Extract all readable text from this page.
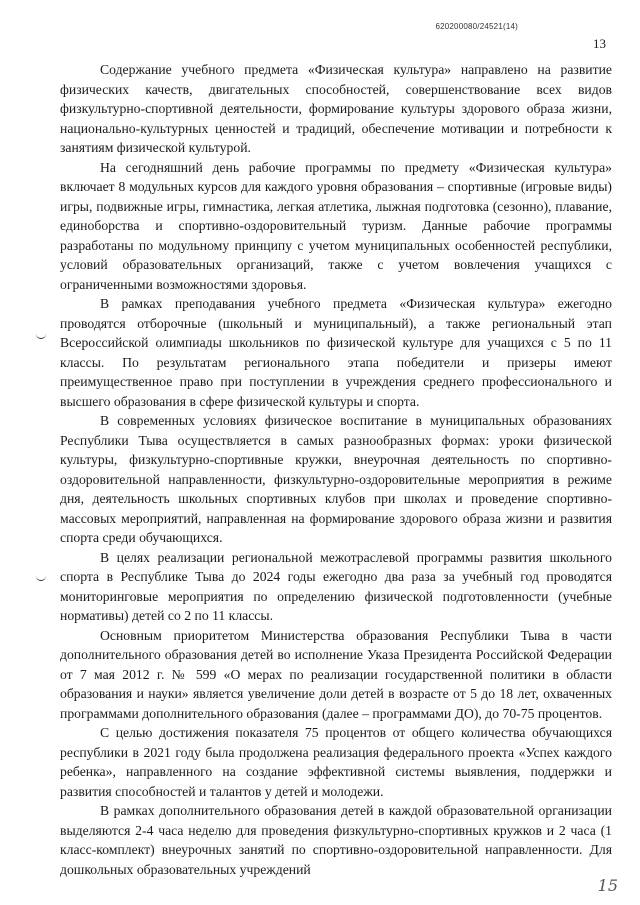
620200080/24521(14)
13

Содержание учебного предмета «Физическая культура» направлено на развитие физических качеств, двигательных способностей, совершенствование всех видов физкультурно-спортивной деятельности, формирование культуры здорового образа жизни, национально-культурных ценностей и традиций, обеспечение мотивации и потребности к занятиям физической культурой.

На сегодняшний день рабочие программы по предмету «Физическая культура» включает 8 модульных курсов для каждого уровня образования – спортивные (игровые виды) игры, подвижные игры, гимнастика, легкая атлетика, лыжная подготовка (сезонно), плавание, единоборства и спортивно-оздоровительный туризм. Данные рабочие программы разработаны по модульному принципу с учетом муниципальных особенностей республики, условий образовательных организаций, также с учетом вовлечения учащихся с ограниченными возможностями здоровья.

В рамках преподавания учебного предмета «Физическая культура» ежегодно проводятся отборочные (школьный и муниципальный), а также региональный этап Всероссийской олимпиады школьников по физической культуре для учащихся с 5 по 11 классы. По результатам регионального этапа победители и призеры имеют преимущественное право при поступлении в учреждения среднего профессионального и высшего образования в сфере физической культуры и спорта.

В современных условиях физическое воспитание в муниципальных образованиях Республики Тыва осуществляется в самых разнообразных формах: уроки физической культуры, физкультурно-спортивные кружки, внеурочная деятельность по спортивно-оздоровительной направленности, физкультурно-оздоровительные мероприятия в режиме дня, деятельность школьных спортивных клубов при школах и проведение спортивно-массовых мероприятий, направленная на формирование здорового образа жизни и развития спорта среди обучающихся.

В целях реализации региональной межотраслевой программы развития школьного спорта в Республике Тыва до 2024 годы ежегодно два раза за учебный год проводятся мониторинговые мероприятия по определению физической подготовленности (учебные нормативы) детей со 2 по 11 классы.

Основным приоритетом Министерства образования Республики Тыва в части дополнительного образования детей во исполнение Указа Президента Российской Федерации от 7 мая 2012 г. № 599 «О мерах по реализации государственной политики в области образования и науки» является увеличение доли детей в возрасте от 5 до 18 лет, охваченных программами дополнительного образования (далее – программами ДО), до 70-75 процентов.

С целью достижения показателя 75 процентов от общего количества обучающихся республики в 2021 году была продолжена реализация федерального проекта «Успех каждого ребенка», направленного на создание эффективной системы выявления, поддержки и развития способностей и талантов у детей и молодежи.

В рамках дополнительного образования детей в каждой образовательной организации выделяются 2-4 часа неделю для проведения физкультурно-спортивных кружков и 2 часа (1 класс-комплект) внеурочных занятий по спортивно-оздоровительной направленности. Для дошкольных образовательных учреждений

15
